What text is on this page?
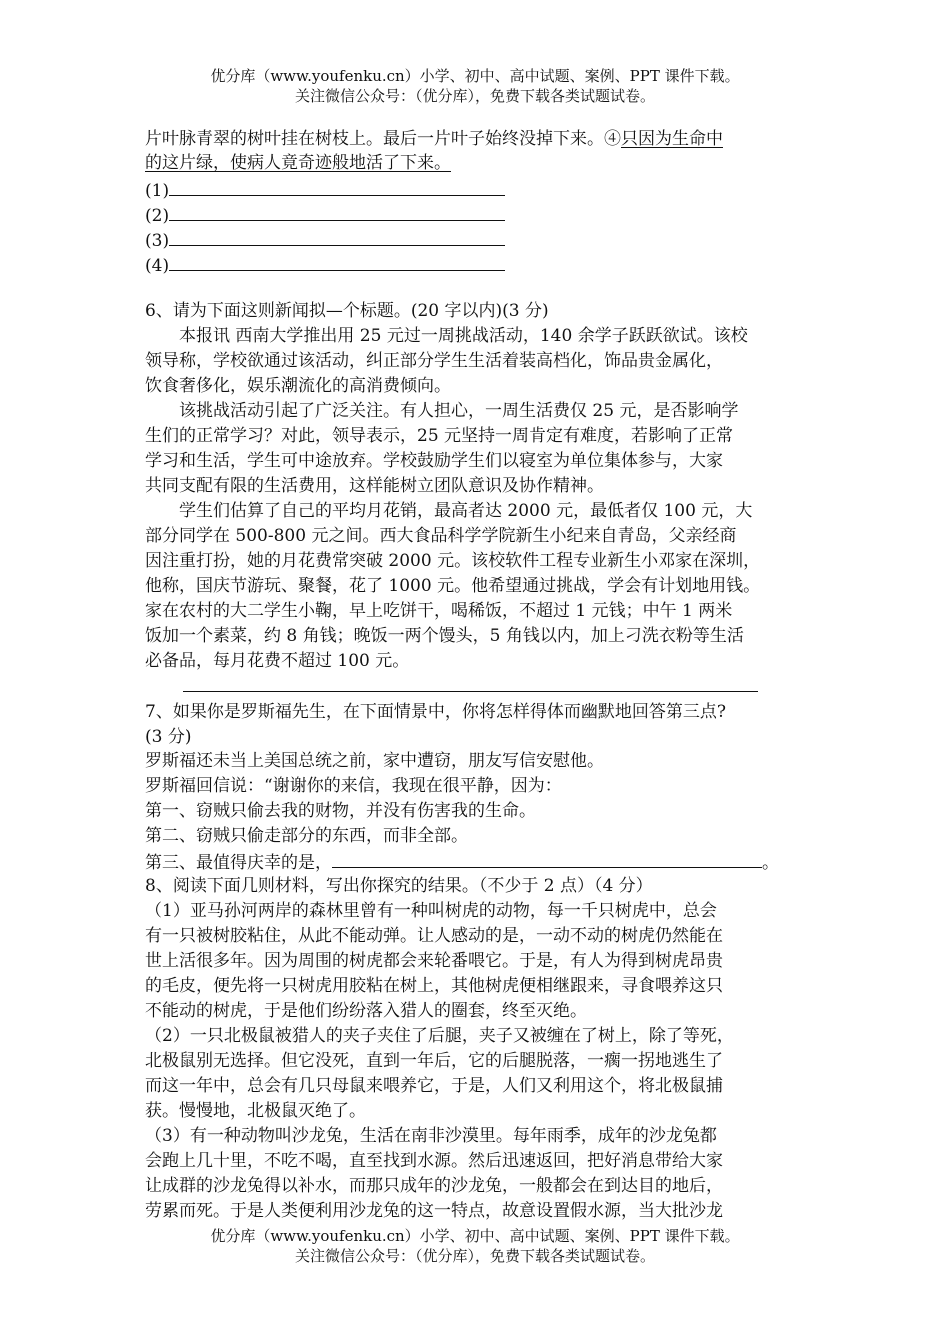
优分库（www.youfenku.cn）小学、初中、高中试题、案例、PPT 课件下载。
关注微信公众号：（优分库），免费下载各类试题试卷。
片叶脉青翠的树叶挂在树枝上。最后一片叶子始终没掉下来。④只因为生命中
的这片绿，使病人竟奇迹般地活了下来。
(1)
(2)
(3)
(4)
6、请为下面这则新闻拟—个标题。(20 字以内)(3 分)
　　本报讯 西南大学推出用 25 元过一周挑战活动，140 余学子跃跃欲试。该校
领导称，学校欲通过该活动，纠正部分学生生活着装高档化，饰品贵金属化，
饮食奢侈化，娱乐潮流化的高消费倾向。
　　该挑战活动引起了广泛关注。有人担心，一周生活费仅 25 元，是否影响学
生们的正常学习？对此，领导表示，25 元坚持一周肯定有难度，若影响了正常
学习和生活，学生可中途放弃。学校鼓励学生们以寝室为单位集体参与，大家
共同支配有限的生活费用，这样能树立团队意识及协作精神。
　　学生们估算了自己的平均月花销，最高者达 2000 元，最低者仅 100 元，大
部分同学在 500-800 元之间。西大食品科学学院新生小纪来自青岛，父亲经商
因注重打扮，她的月花费常突破 2000 元。该校软件工程专业新生小邓家在深圳，
他称，国庆节游玩、聚餐，花了 1000 元。他希望通过挑战，学会有计划地用钱。
家在农村的大二学生小鞠，早上吃饼干，喝稀饭，不超过 1 元钱；中午 1 两米
饭加一个素菜，约 8 角钱；晚饭一两个馒头，5 角钱以内，加上刁洗衣粉等生活
必备品，每月花费不超过 100 元。
7、如果你是罗斯福先生，在下面情景中，你将怎样得体而幽默地回答第三点?
(3 分)
罗斯福还未当上美国总统之前，家中遭窃，朋友写信安慰他。
罗斯福回信说：“谢谢你的来信，我现在很平静，因为：
第一、窃贼只偷去我的财物，并没有伤害我的生命。
第二、窃贼只偷走部分的东西，而非全部。
第三、最值得庆幸的是，	。
8、阅读下面几则材料，写出你探究的结果。（不少于 2 点）（4 分）
（1）亚马孙河两岸的森林里曾有一种叫树虎的动物，每一千只树虎中，总会
有一只被树胶粘住，从此不能动弹。让人感动的是，一动不动的树虎仍然能在
世上活很多年。因为周围的树虎都会来轮番喂它。于是，有人为得到树虎昂贵
的毛皮，便先将一只树虎用胶粘在树上，其他树虎便相继跟来，寻食喂养这只
不能动的树虎，于是他们纷纷落入猎人的圈套，终至灭绝。
（2）一只北极鼠被猎人的夹子夹住了后腿，夹子又被缠在了树上，除了等死，
北极鼠别无选择。但它没死，直到一年后，它的后腿脱落，一瘸一拐地逃生了
而这一年中，总会有几只母鼠来喂养它，于是，人们又利用这个，将北极鼠捕
获。慢慢地，北极鼠灭绝了。
（3）有一种动物叫沙龙兔，生活在南非沙漠里。每年雨季，成年的沙龙兔都
会跑上几十里，不吃不喝，直至找到水源。然后迅速返回，把好消息带给大家
让成群的沙龙兔得以补水，而那只成年的沙龙兔，一般都会在到达目的地后，
劳累而死。于是人类便利用沙龙兔的这一特点，故意设置假水源，当大批沙龙
优分库（www.youfenku.cn）小学、初中、高中试题、案例、PPT 课件下载。
关注微信公众号：（优分库），免费下载各类试题试卷。
